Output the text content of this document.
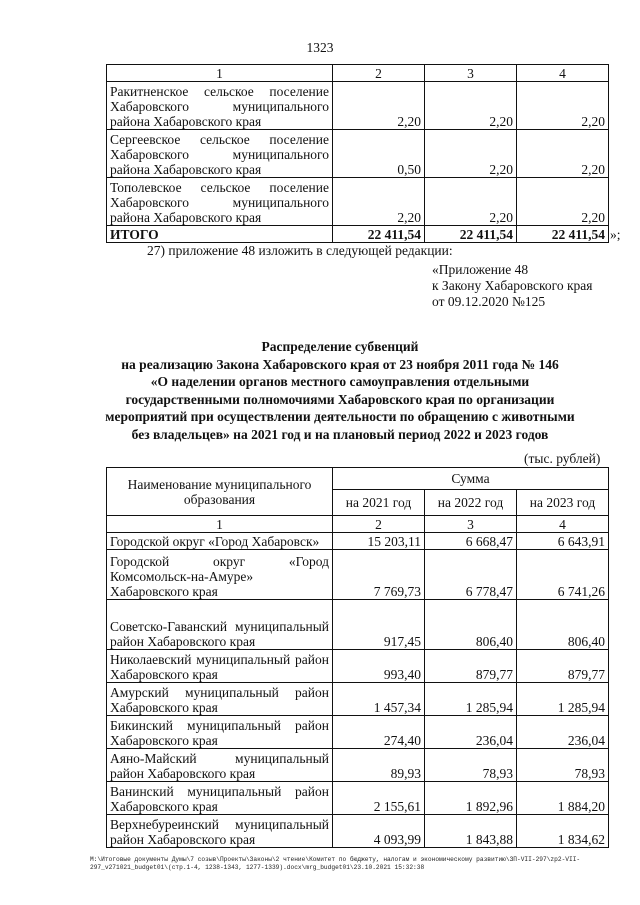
1323
1	2	3	4
Ракитненское сельское поселение Хабаровского муниципального района Хабаровского края	2,20	2,20	2,20
Сергеевское сельское поселение Хабаровского муниципального района Хабаровского края	0,50	2,20	2,20
Тополевское сельское поселение Хабаровского муниципального района Хабаровского края	2,20	2,20	2,20
ИТОГО	22 411,54	22 411,54	22 411,54 »;
27) приложение 48 изложить в следующей редакции:
«Приложение 48
к Закону Хабаровского края
от 09.12.2020 №125
Распределение субвенций
на реализацию Закона Хабаровского края от 23 ноября 2011 года № 146
«О наделении органов местного самоуправления отдельными
государственными полномочиями Хабаровского края по организации
мероприятий при осуществлении деятельности по обращению с животными
без владельцев» на 2021 год и на плановый период 2022 и 2023 годов
(тыс. рублей)
Наименование муниципального образования	Сумма		
	на 2021 год	на 2022 год	на 2023 год
1	2	3	4
Городской округ «Город Хабаровск»	15 203,11	6 668,47	6 643,91
Городской округ «Город Комсомольск-на-Амуре» Хабаровского края	7 769,73	6 778,47	6 741,26
Советско-Гаванский муниципальный район Хабаровского края	917,45	806,40	806,40
Николаевский муниципальный район Хабаровского края	993,40	879,77	879,77
Амурский муниципальный район Хабаровского края	1 457,34	1 285,94	1 285,94
Бикинский муниципальный район Хабаровского края	274,40	236,04	236,04
Аяно-Майский муниципальный район Хабаровского края	89,93	78,93	78,93
Ванинский муниципальный район Хабаровского края	2 155,61	1 892,96	1 884,20
Верхнебуреинский муниципальный район Хабаровского края	4 093,99	1 843,88	1 834,62
M:\Итоговые документы Думы\7 созыв\Проекты\Законы\2 чтение\Комитет по бюджету, налогам и экономическому развитию\ЗП-VII-297\zp2-VII-
297_v271021_budget01\(стр.1-4, 1238-1343, 1277-1339).docx\mrg_budget01\23.10.2021 15:32:38
